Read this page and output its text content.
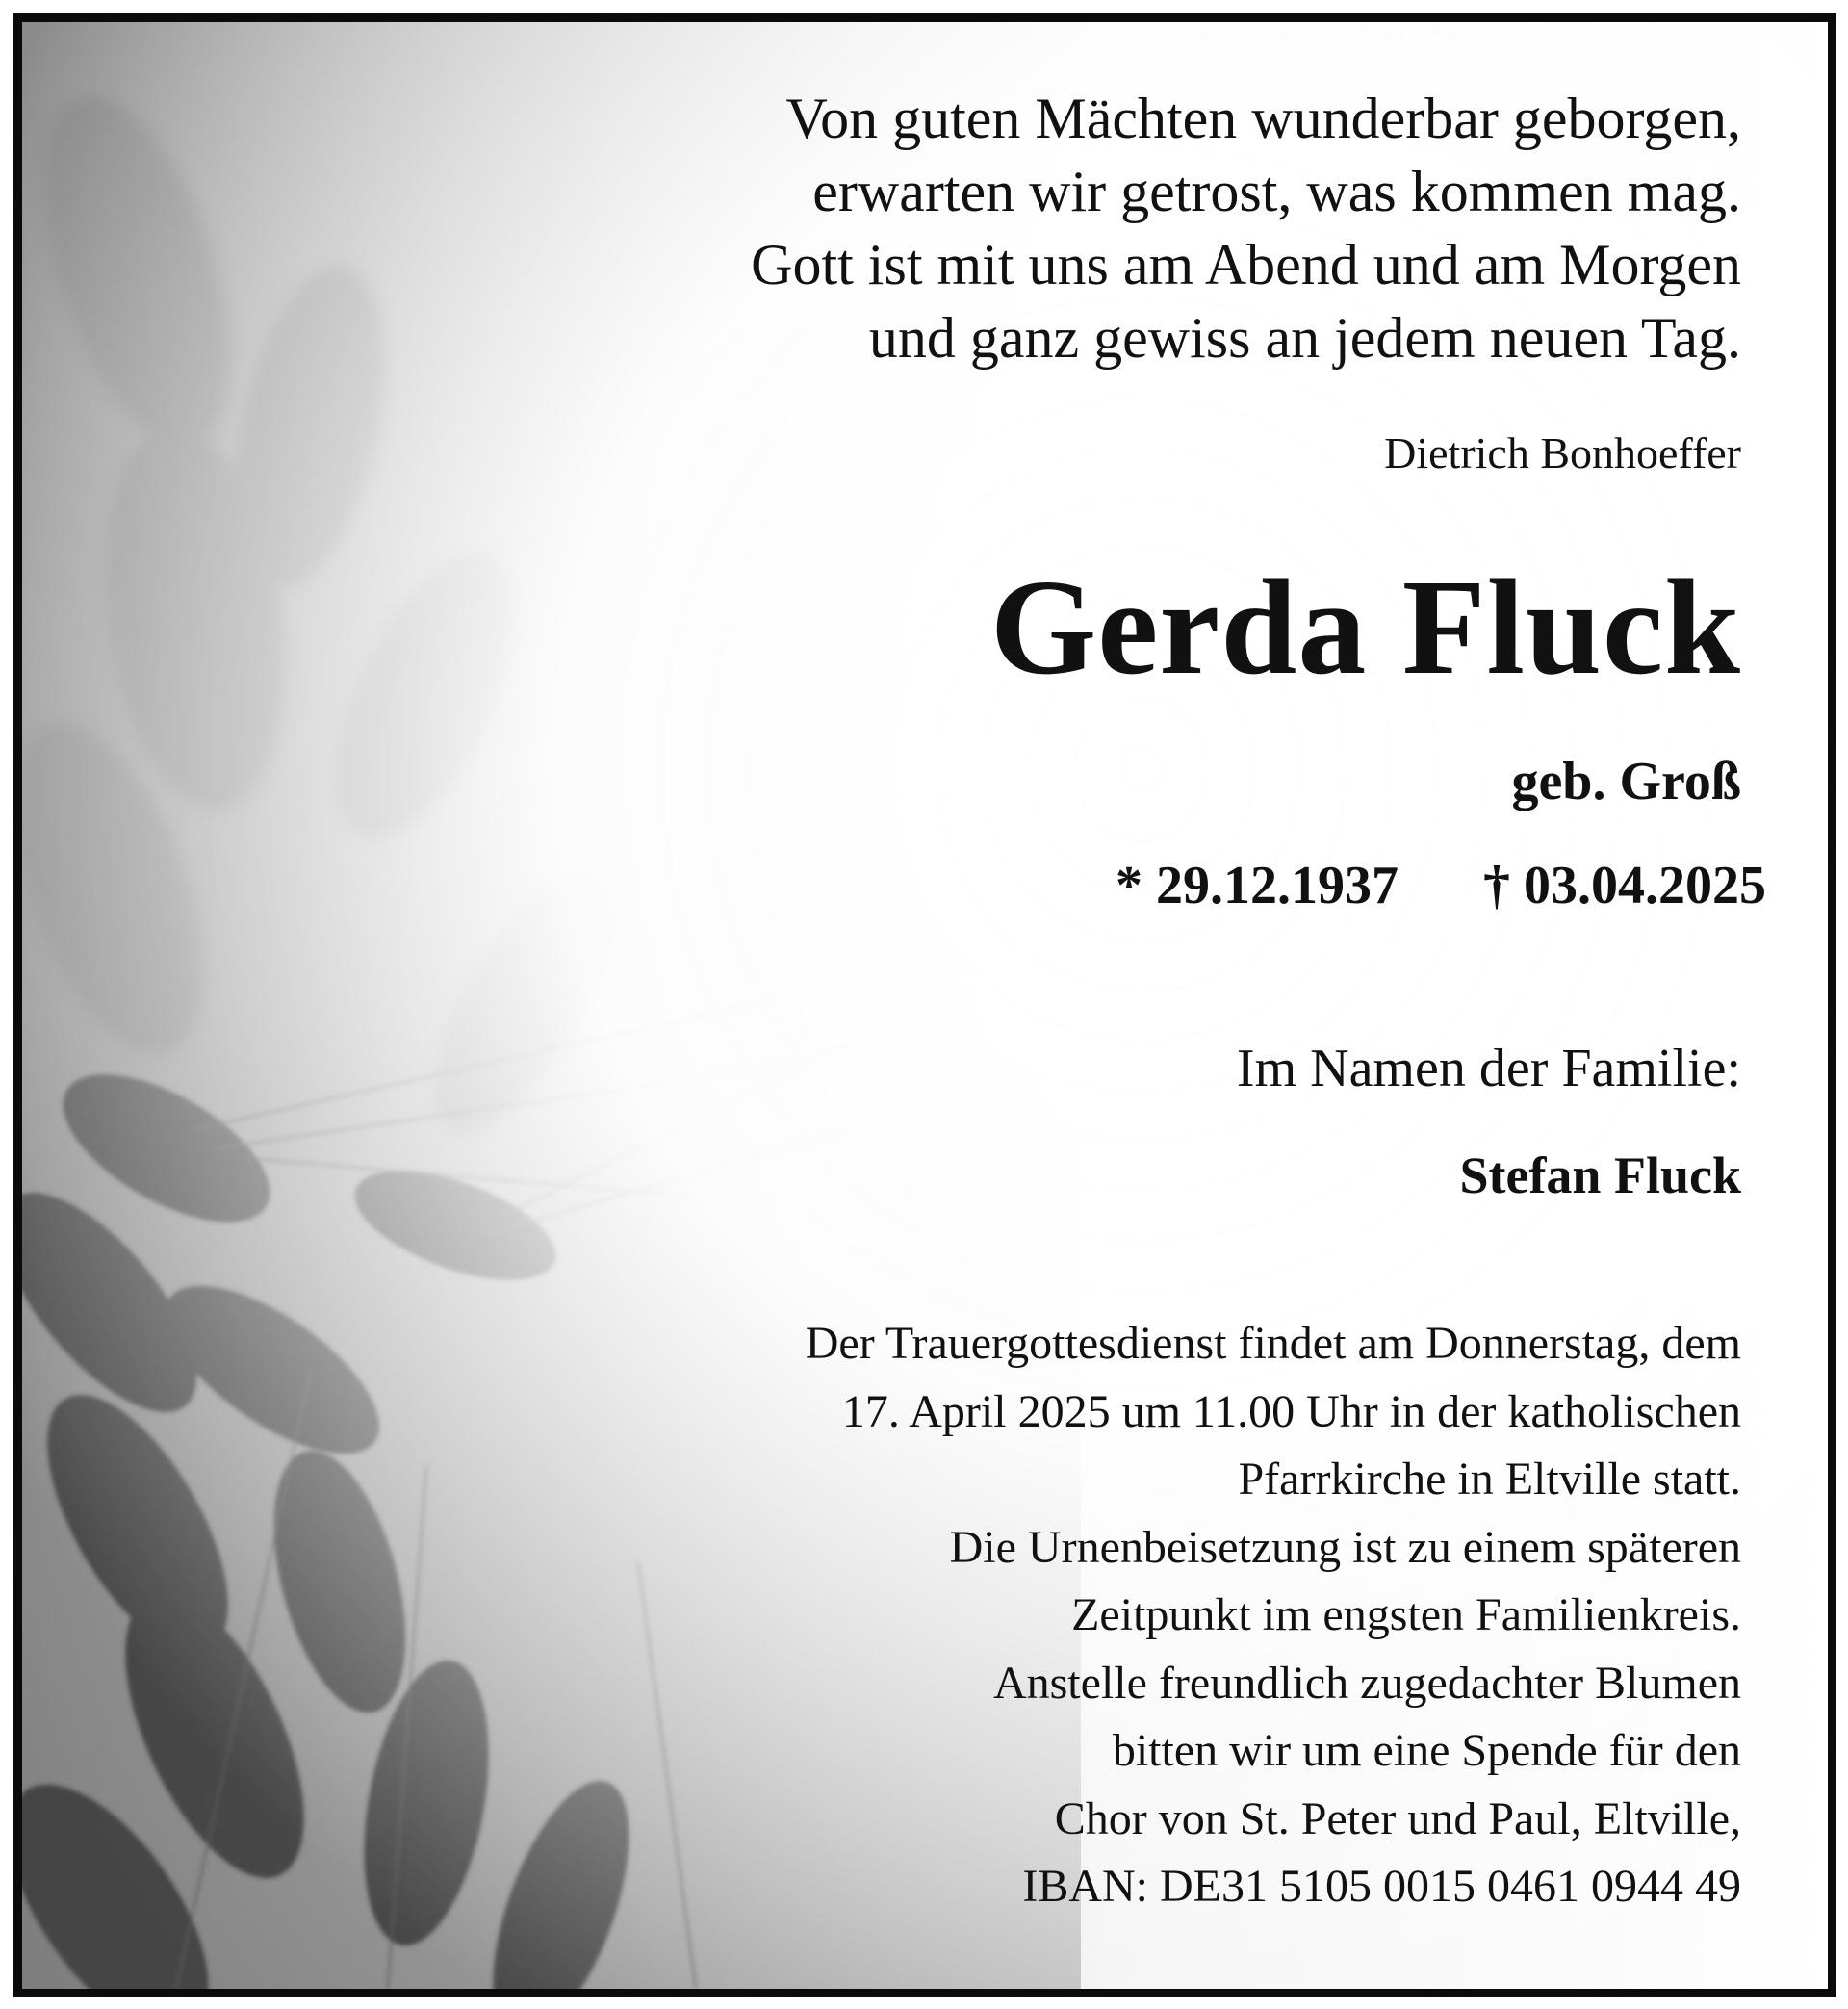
Von guten Mächten wunderbar geborgen,
erwarten wir getrost, was kommen mag.
Gott ist mit uns am Abend und am Morgen
und ganz gewiss an jedem neuen Tag.
Dietrich Bonhoeffer
Gerda Fluck
geb. Groß
* 29.12.1937 † 03.04.2025
Im Namen der Familie:
Stefan Fluck
Der Trauergottesdienst findet am Donnerstag, dem
17. April 2025 um 11.00 Uhr in der katholischen
Pfarrkirche in Eltville statt.
Die Urnenbeisetzung ist zu einem späteren
Zeitpunkt im engsten Familienkreis.
Anstelle freundlich zugedachter Blumen
bitten wir um eine Spende für den
Chor von St. Peter und Paul, Eltville,
IBAN: DE31 5105 0015 0461 0944 49
